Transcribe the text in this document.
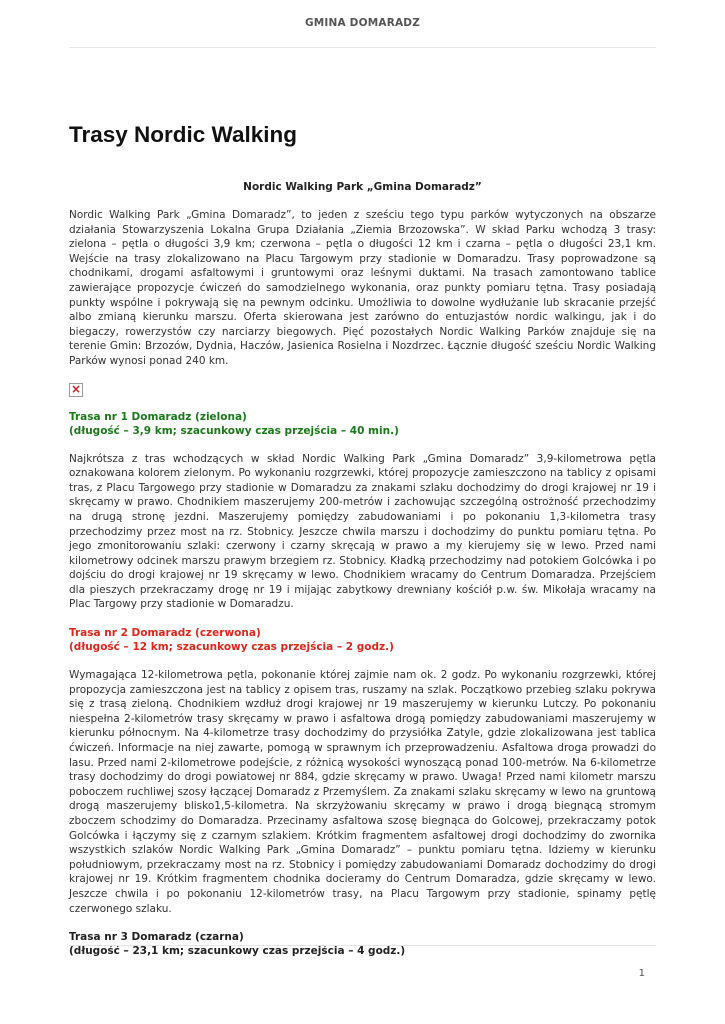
GMINA DOMARADZ
Trasy Nordic Walking
Nordic Walking Park „Gmina Domaradz”

Nordic Walking Park „Gmina Domaradz”, to jeden z sześciu tego typu parków wytyczonych na obszarze działania Stowarzyszenia Lokalna Grupa Działania „Ziemia Brzozowska”. W skład Parku wchodzą 3 trasy: zielona – pętla o długości 3,9 km; czerwona – pętla o długości 12 km i czarna – pętla o długości 23,1 km. Wejście na trasy zlokalizowano na Placu Targowym przy stadionie w Domaradzu. Trasy poprowadzone są chodnikami, drogami asfaltowymi i gruntowymi oraz leśnymi duktami. Na trasach zamontowano tablice zawierające propozycje ćwiczeń do samodzielnego wykonania, oraz punkty pomiaru tętna. Trasy posiadają punkty wspólne i pokrywają się na pewnym odcinku. Umożliwia to dowolne wydłużanie lub skracanie przejść albo zmianą kierunku marszu. Oferta skierowana jest zarówno do entuzjastów nordic walkingu, jak i do biegaczy, rowerzystów czy narciarzy biegowych. Pięć pozostałych Nordic Walking Parków znajduje się na terenie Gmin: Brzozów, Dydnia, Haczów, Jasienica Rosielna i Nozdrzec. Łącznie długość sześciu Nordic Walking Parków wynosi ponad 240 km.

×
Trasa nr 1 Domaradz (zielona)
(długość – 3,9 km; szacunkowy czas przejścia – 40 min.)

Najkrótsza z tras wchodzących w skład Nordic Walking Park „Gmina Domaradz” 3,9-kilometrowa pętla oznakowana kolorem zielonym. Po wykonaniu rozgrzewki, której propozycje zamieszczono na tablicy z opisami tras, z Placu Targowego przy stadionie w Domaradzu za znakami szlaku dochodzimy do drogi krajowej nr 19 i skręcamy w prawo. Chodnikiem maszerujemy 200-metrów i zachowując szczególną ostrożność przechodzimy na drugą stronę jezdni. Maszerujemy pomiędzy zabudowaniami i po pokonaniu 1,3-kilometra trasy przechodzimy przez most na rz. Stobnicy. Jeszcze chwila marszu i dochodzimy do punktu pomiaru tętna. Po jego zmonitorowaniu szlaki: czerwony i czarny skręcają w prawo a my kierujemy się w lewo. Przed nami kilometrowy odcinek marszu prawym brzegiem rz. Stobnicy. Kładką przechodzimy nad potokiem Golcówka i po dojściu do drogi krajowej nr 19 skręcamy w lewo. Chodnikiem wracamy do Centrum Domaradza. Przejściem dla pieszych przekraczamy drogę nr 19 i mijając zabytkowy drewniany kościół p.w. św. Mikołaja wracamy na Plac Targowy przy stadionie w Domaradzu.

Trasa nr 2 Domaradz (czerwona)
(długość – 12 km; szacunkowy czas przejścia – 2 godz.)

Wymagająca 12-kilometrowa pętla, pokonanie której zajmie nam ok. 2 godz. Po wykonaniu rozgrzewki, której propozycja zamieszczona jest na tablicy z opisem tras, ruszamy na szlak. Początkowo przebieg szlaku pokrywa się z trasą zieloną. Chodnikiem wzdłuż drogi krajowej nr 19 maszerujemy w kierunku Lutczy. Po pokonaniu niespełna 2-kilometrów trasy skręcamy w prawo i asfaltowa drogą pomiędzy zabudowaniami maszerujemy w kierunku północnym. Na 4-kilometrze trasy dochodzimy do przysiółka Zatyle, gdzie zlokalizowana jest tablica ćwiczeń. Informacje na niej zawarte, pomogą w sprawnym ich przeprowadzeniu. Asfaltowa droga prowadzi do lasu. Przed nami 2-kilometrowe podejście, z różnicą wysokości wynoszącą ponad 100-metrów. Na 6-kilometrze trasy dochodzimy do drogi powiatowej nr 884, gdzie skręcamy w prawo. Uwaga! Przed nami kilometr marszu poboczem ruchliwej szosy łączącej Domaradz z Przemyślem. Za znakami szlaku skręcamy w lewo na gruntową drogą maszerujemy blisko1,5-kilometra. Na skrzyżowaniu skręcamy w prawo i drogą biegnącą stromym zboczem schodzimy do Domaradza. Przecinamy asfaltowa szosę biegnąca do Golcowej, przekraczamy potok Golcówka i łączymy się z czarnym szlakiem. Krótkim fragmentem asfaltowej drogi dochodzimy do zwornika wszystkich szlaków Nordic Walking Park „Gmina Domaradz” – punktu pomiaru tętna. Idziemy w kierunku południowym, przekraczamy most na rz. Stobnicy i pomiędzy zabudowaniami Domaradz dochodzimy do drogi krajowej nr 19. Krótkim fragmentem chodnika docieramy do Centrum Domaradza, gdzie skręcamy w lewo. Jeszcze chwila i po pokonaniu 12-kilometrów trasy, na Placu Targowym przy stadionie, spinamy pętlę czerwonego szlaku.

Trasa nr 3 Domaradz (czarna)
(długość – 23,1 km; szacunkowy czas przejścia – 4 godz.)
1
